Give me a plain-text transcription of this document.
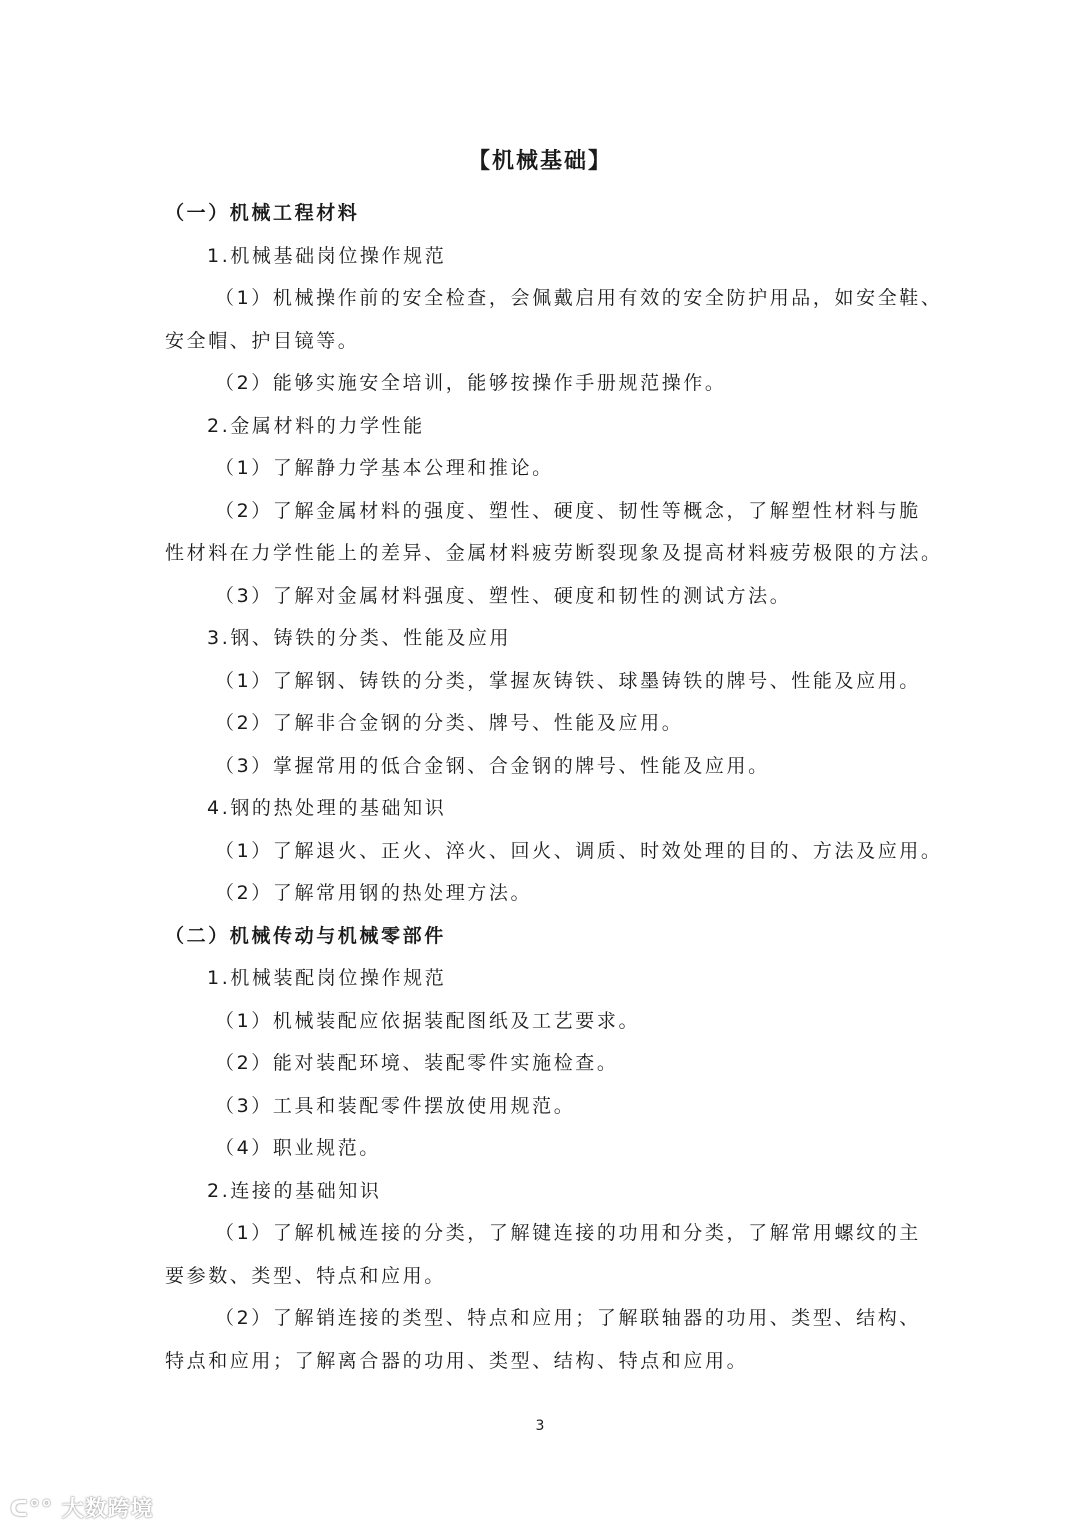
【机械基础】
（一）机械工程材料
1.机械基础岗位操作规范
（1）机械操作前的安全检查，会佩戴启用有效的安全防护用品，如安全鞋、
安全帽、护目镜等。
（2）能够实施安全培训，能够按操作手册规范操作。
2.金属材料的力学性能
（1）了解静力学基本公理和推论。
（2）了解金属材料的强度、塑性、硬度、韧性等概念，了解塑性材料与脆
性材料在力学性能上的差异、金属材料疲劳断裂现象及提高材料疲劳极限的方法。
（3）了解对金属材料强度、塑性、硬度和韧性的测试方法。
3.钢、铸铁的分类、性能及应用
（1）了解钢、铸铁的分类，掌握灰铸铁、球墨铸铁的牌号、性能及应用。
（2）了解非合金钢的分类、牌号、性能及应用。
（3）掌握常用的低合金钢、合金钢的牌号、性能及应用。
4.钢的热处理的基础知识
（1）了解退火、正火、淬火、回火、调质、时效处理的目的、方法及应用。
（2）了解常用钢的热处理方法。
（二）机械传动与机械零部件
1.机械装配岗位操作规范
（1）机械装配应依据装配图纸及工艺要求。
（2）能对装配环境、装配零件实施检查。
（3）工具和装配零件摆放使用规范。
（4）职业规范。
2.连接的基础知识
（1）了解机械连接的分类，了解键连接的功用和分类，了解常用螺纹的主
要参数、类型、特点和应用。
（2）了解销连接的类型、特点和应用；了解联轴器的功用、类型、结构、
特点和应用；了解离合器的功用、类型、结构、特点和应用。
3
ᑕ°° 大数跨境
